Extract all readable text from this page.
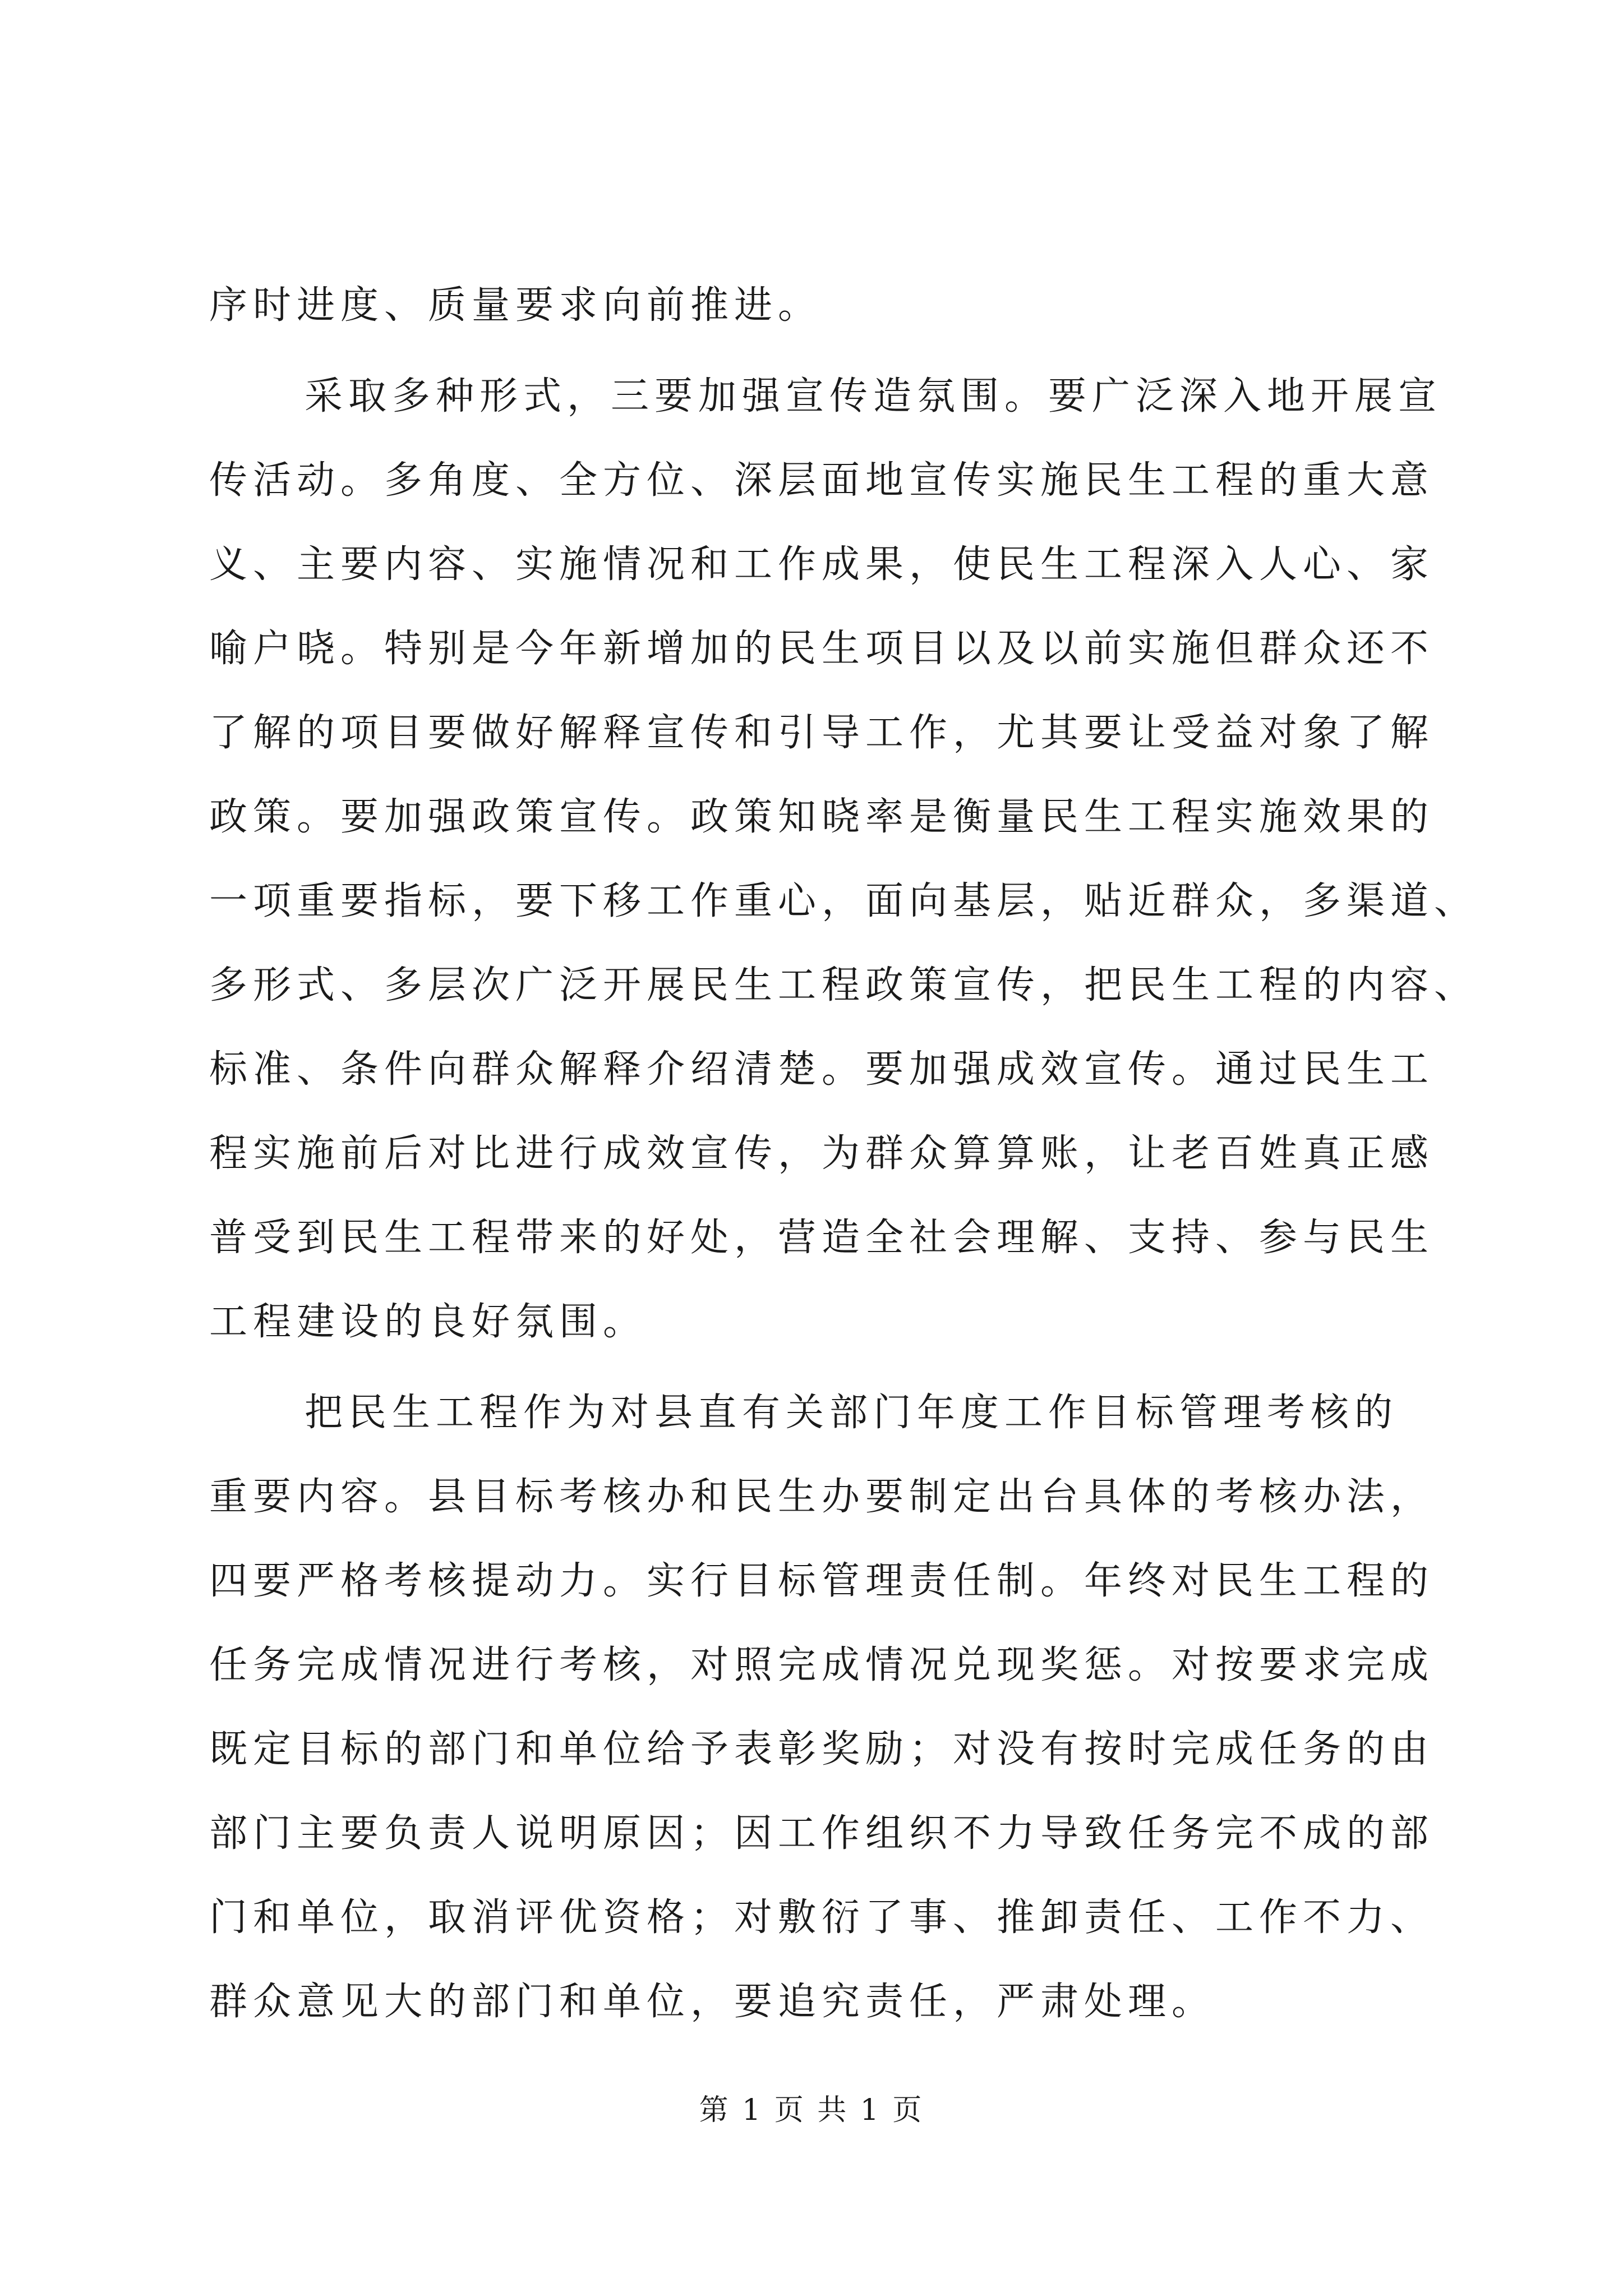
序时进度、质量要求向前推进。
采取多种形式，三要加强宣传造氛围。要广泛深入地开展宣
传活动。多角度、全方位、深层面地宣传实施民生工程的重大意
义、主要内容、实施情况和工作成果，使民生工程深入人心、家
喻户晓。特别是今年新增加的民生项目以及以前实施但群众还不
了解的项目要做好解释宣传和引导工作，尤其要让受益对象了解
政策。要加强政策宣传。政策知晓率是衡量民生工程实施效果的
一项重要指标，要下移工作重心，面向基层，贴近群众，多渠道、
多形式、多层次广泛开展民生工程政策宣传，把民生工程的内容、
标准、条件向群众解释介绍清楚。要加强成效宣传。通过民生工
程实施前后对比进行成效宣传，为群众算算账，让老百姓真正感
普受到民生工程带来的好处，营造全社会理解、支持、参与民生
工程建设的良好氛围。
把民生工程作为对县直有关部门年度工作目标管理考核的
重要内容。县目标考核办和民生办要制定出台具体的考核办法，
四要严格考核提动力。实行目标管理责任制。年终对民生工程的
任务完成情况进行考核，对照完成情况兑现奖惩。对按要求完成
既定目标的部门和单位给予表彰奖励；对没有按时完成任务的由
部门主要负责人说明原因；因工作组织不力导致任务完不成的部
门和单位，取消评优资格；对敷衍了事、推卸责任、工作不力、
群众意见大的部门和单位，要追究责任，严肃处理。
第 1 页 共 1 页
